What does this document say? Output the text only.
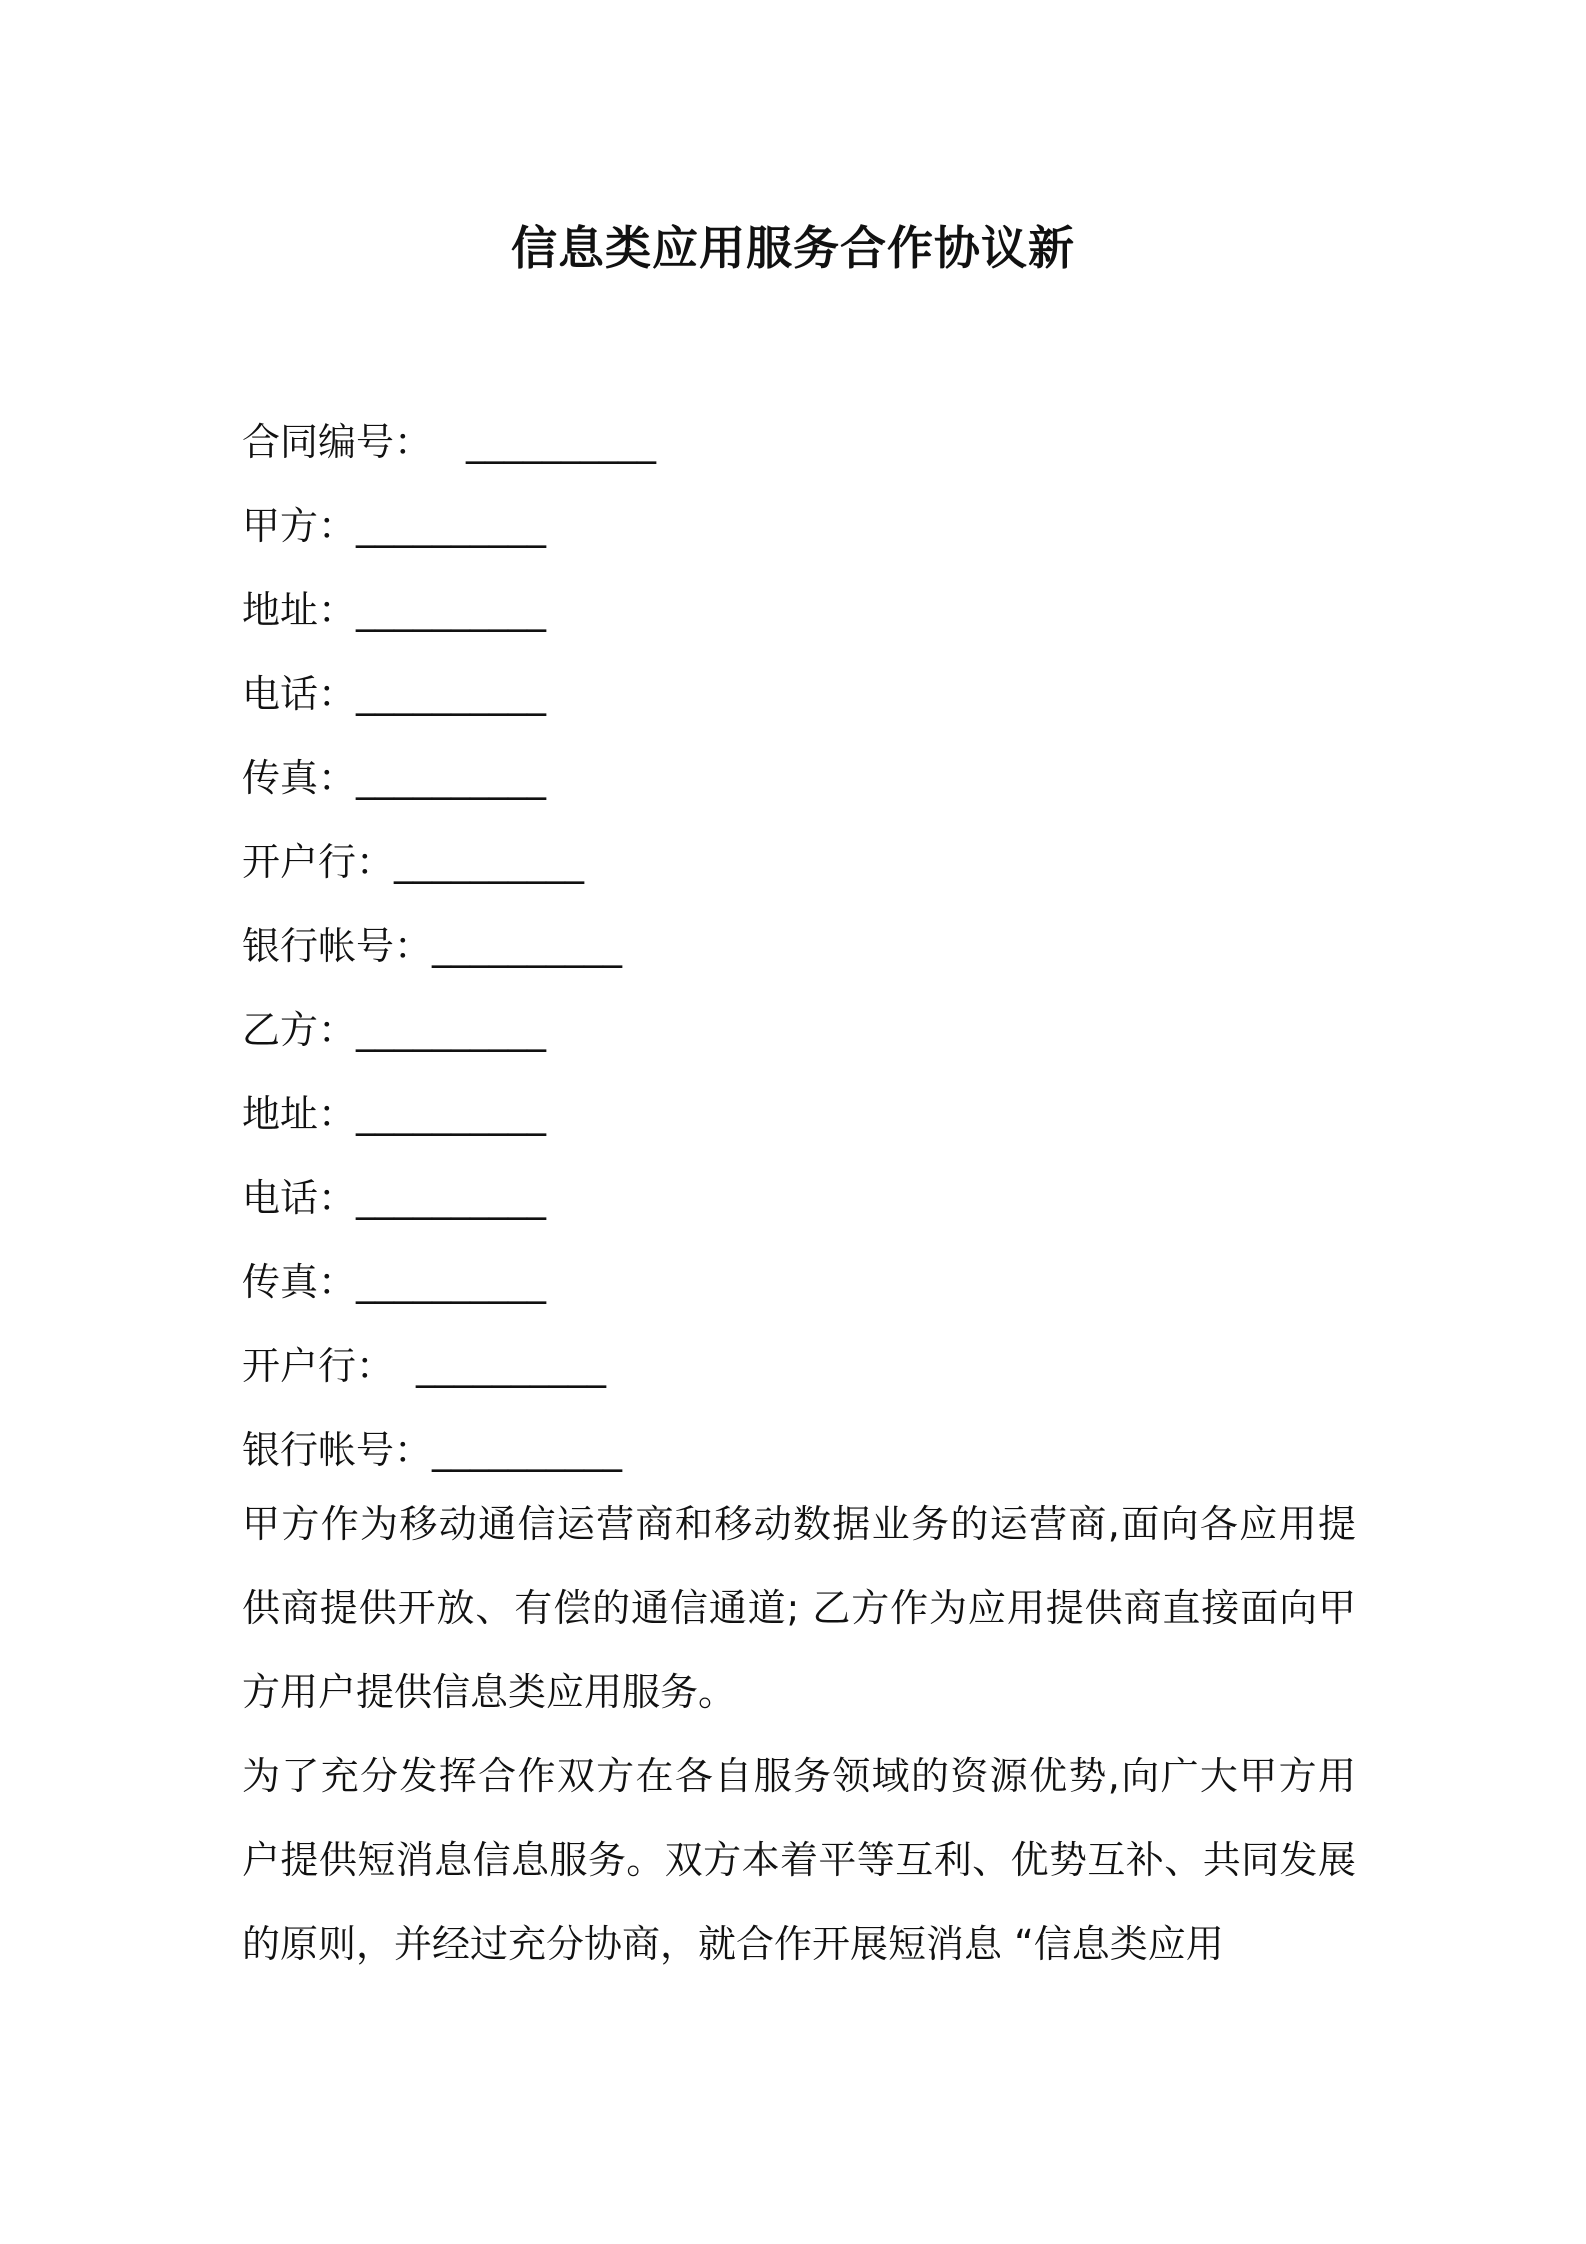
信息类应用服务合作协议新
合同编号： __________
甲方：__________
地址：__________
电话：__________
传真：__________
开户行：__________
银行帐号：__________
乙方：__________
地址：__________
电话：__________
传真：__________
开户行： __________
银行帐号：__________

甲方作为移动通信运营商和移动数据业务的运营商,面向各应用提供商提供开放、有偿的通信通道; 乙方作为应用提供商直接面向甲方用户提供信息类应用服务。

为了充分发挥合作双方在各自服务领域的资源优势,向广大甲方用户提供短消息信息服务。双方本着平等互利、优势互补、共同发展的原则，并经过充分协商，就合作开展短消息 “信息类应用
